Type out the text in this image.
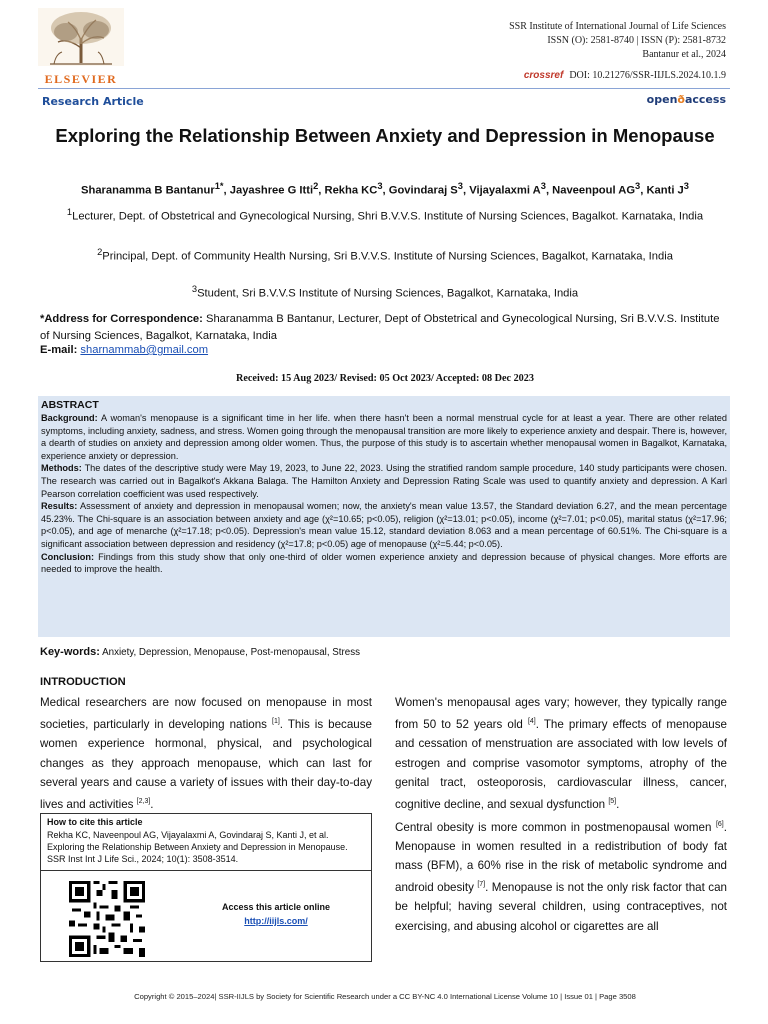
ELSEVIER
SSR Institute of International Journal of Life Sciences
ISSN (O): 2581-8740 | ISSN (P): 2581-8732
Bantanur et al., 2024
crossref DOI: 10.21276/SSR-IIJLS.2024.10.1.9
Research Article	openðaccess
Exploring the Relationship Between Anxiety and Depression in Menopause
Sharanamma B Bantanur$^{1*}$, Jayashree G Itti$^2$, Rekha $KC^3$, Govindaraj $S^3$, Vijayalaxmi $A^3$, Naveenpoul $AG^3$, Kanti $J^3$
$^1$Lecturer, Dept. of Obstetrical and Gynecological Nursing, Shri B.V.V.S. Institute of Nursing Sciences, Bagalkot. Karnataka, India
$^2$Principal, Dept. of Community Health Nursing, Sri B.V.V.S. Institute of Nursing Sciences, Bagalkot, Karnataka, India
$^3$Student, Sri B.V.V.S Institute of Nursing Sciences, Bagalkot, Karnataka, India
*Address for Correspondence: Sharanamma B Bantanur, Lecturer, Dept of Obstetrical and Gynecological Nursing, Sri B.V.V.S. Institute of Nursing Sciences, Bagalkot, Karnataka, India
E-mail: sharnammab@gmail.com
Received: 15 Aug 2023/ Revised: 05 Oct 2023/ Accepted: 08 Dec 2023
ABSTRACT
Background: A woman's menopause is a significant time in her life. when there hasn't been a normal menstrual cycle for at least a year. There are other related symptoms, including anxiety, sadness, and stress. Women going through the menopausal transition are more likely to experience anxiety and despair. There is, however, a dearth of studies on anxiety and depression among older women. Thus, the purpose of this study is to ascertain whether menopausal women in Bagalkot, Karnataka, experience anxiety or depression.
Methods: The dates of the descriptive study were May 19, 2023, to June 22, 2023. Using the stratified random sample procedure, 140 study participants were chosen. The research was carried out in Bagalkot's Akkana Balaga. The Hamilton Anxiety and Depression Rating Scale was used to quantify anxiety and depression. A Karl Pearson correlation coefficient was used respectively.
Results: Assessment of anxiety and depression in menopausal women; now, the anxiety's mean value 13.57, the Standard deviation 6.27, and the mean percentage 45.23%. The Chi-square is an association between anxiety and age (χ²=10.65; p<0.05), religion (χ²=13.01; p<0.05), income (χ²=7.01; p<0.05), marital status (χ²=17.96; p<0.05), and age of menarche (χ²=17.18; p<0.05). Depression's mean value 15.12, standard deviation 8.063 and a mean percentage of 60.51%. The Chi-square is a significant association between depression and residency (χ²=17.8; p<0.05) age of menopause (χ²=5.44; p<0.05).
Conclusion: Findings from this study show that only one-third of older women experience anxiety and depression because of physical changes. More efforts are needed to improve the health.
Key-words: Anxiety, Depression, Menopause, Post-menopausal, Stress
INTRODUCTION
Medical researchers are now focused on menopause in most societies, particularly in developing nations [1]. This is because women experience hormonal, physical, and psychological changes as they approach menopause, which can last for several years and cause a variety of issues with their day-to-day lives and activities [2,3].
How to cite this article
Rekha KC, Naveenpoul AG, Vijayalaxmi A, Govindaraj S, Kanti J, et al. Exploring the Relationship Between Anxiety and Depression in Menopause. SSR Inst Int J Life Sci., 2024; 10(1): 3508-3514.
Access this article online
http://iijls.com/
Women's menopausal ages vary; however, they typically range from 50 to 52 years old [4]. The primary effects of menopause and cessation of menstruation are associated with low levels of estrogen and comprise vasomotor symptoms, atrophy of the genital tract, osteoporosis, cardiovascular illness, cancer, cognitive decline, and sexual dysfunction [5].
Central obesity is more common in postmenopausal women [6]. Menopause in women resulted in a redistribution of body fat mass (BFM), a 60% rise in the risk of metabolic syndrome and android obesity [7]. Menopause is not the only risk factor that can be helpful; having several children, using contraceptives, not exercising, and abusing alcohol or cigarettes are all
Copyright © 2015–2024| SSR-IIJLS by Society for Scientific Research under a CC BY-NC 4.0 International License Volume 10 | Issue 01 | Page 3508
